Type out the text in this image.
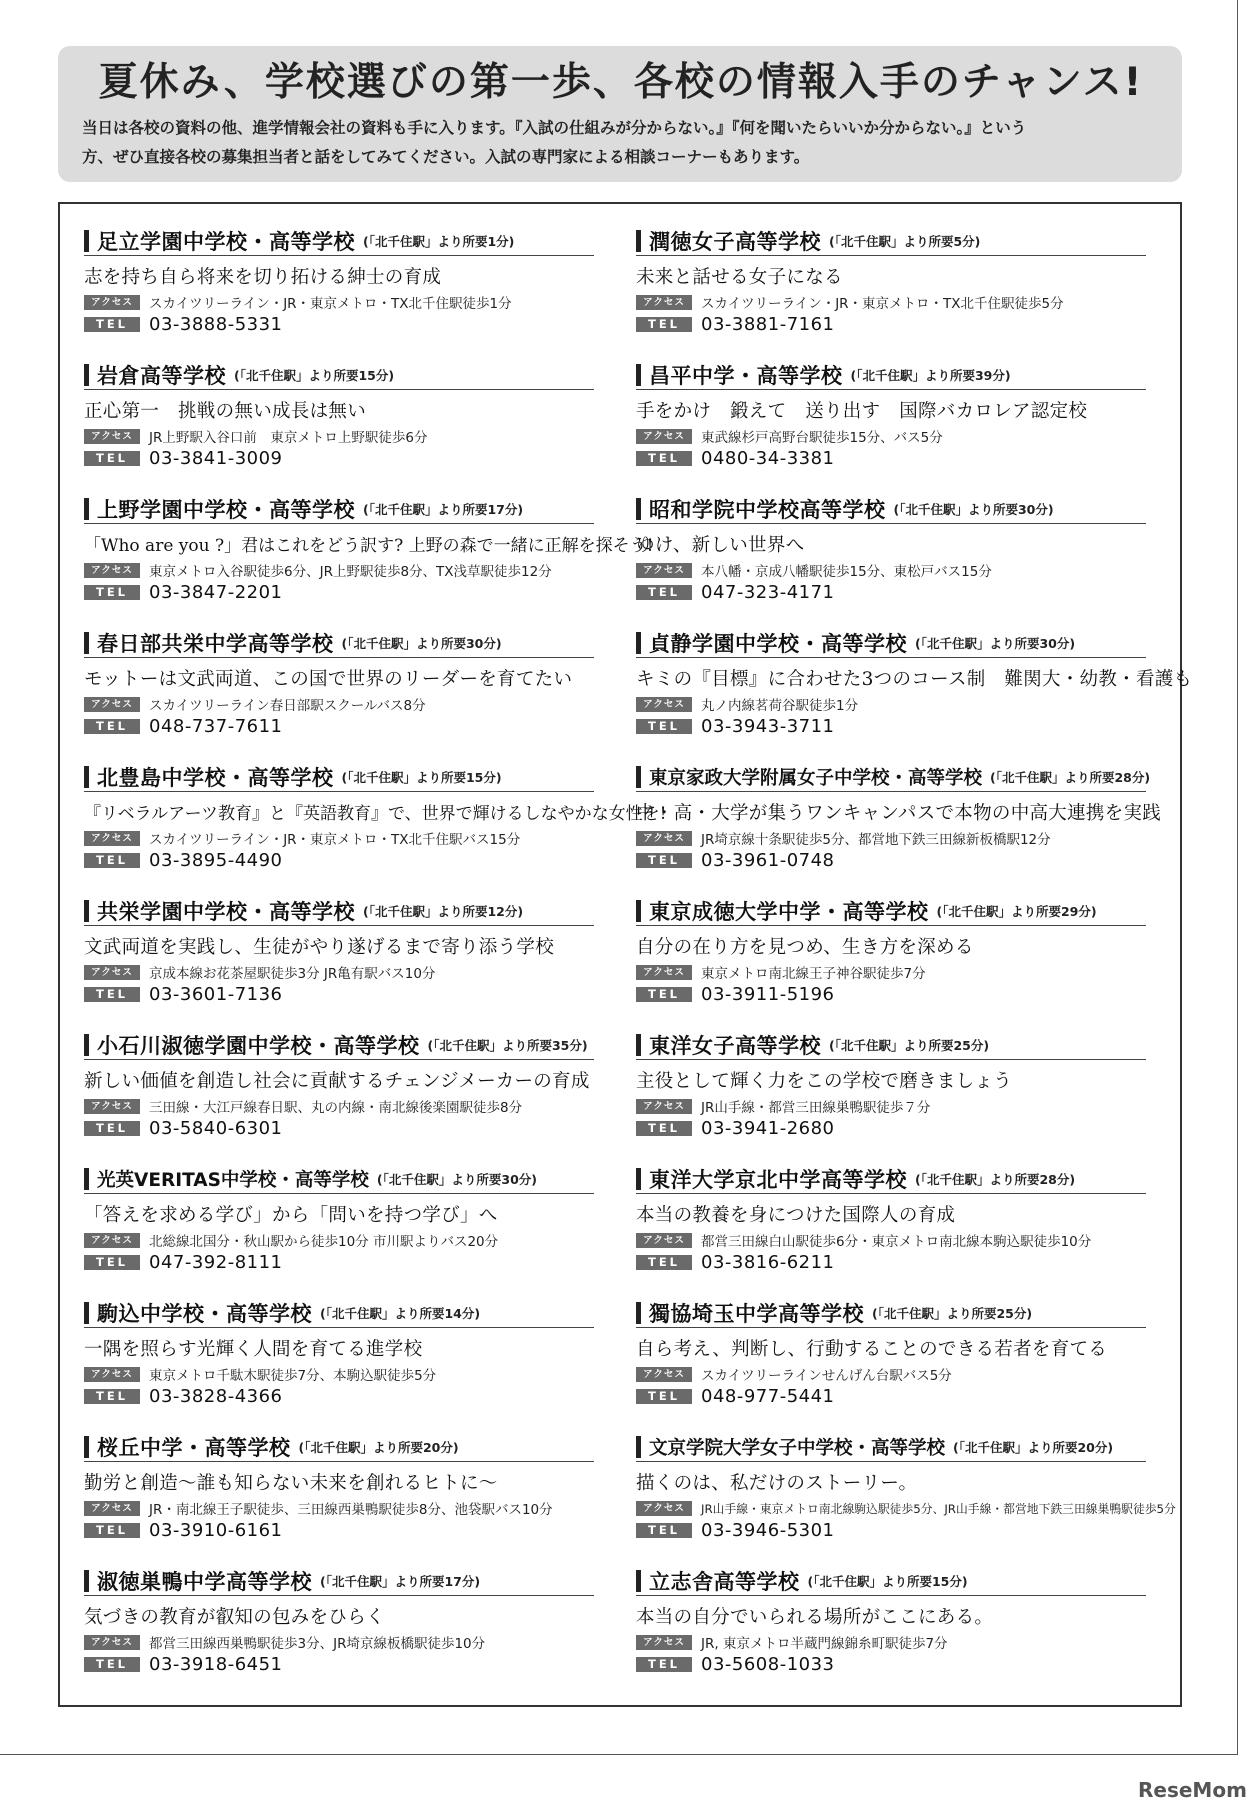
夏休み、学校選びの第一歩、各校の情報入手のチャンス!
当日は各校の資料の他、進学情報会社の資料も手に入ります。『入試の仕組みが分からない。』『何を聞いたらいいか分からない。』という
方、ぜひ直接各校の募集担当者と話をしてみてください。入試の専門家による相談コーナーもあります。
足立学園中学校・高等学校 (「北千住駅」より所要1分)
志を持ち自ら将来を切り拓ける紳士の育成
アクセス	スカイツリーライン・JR・東京メトロ・TX北千住駅徒歩1分
TEL	03-3888-5331
岩倉高等学校 (「北千住駅」より所要15分)
正心第一　挑戦の無い成長は無い
アクセス	JR上野駅入谷口前　東京メトロ上野駅徒歩6分
TEL	03-3841-3009
上野学園中学校・高等学校 (「北千住駅」より所要17分)
「Who are you ?」君はこれをどう訳す? 上野の森で一緒に正解を探そう!
アクセス	東京メトロ入谷駅徒歩6分、JR上野駅徒歩8分、TX浅草駅徒歩12分
TEL	03-3847-2201
春日部共栄中学高等学校 (「北千住駅」より所要30分)
モットーは文武両道、この国で世界のリーダーを育てたい
アクセス	スカイツリーライン春日部駅スクールバス8分
TEL	048-737-7611
北豊島中学校・高等学校 (「北千住駅」より所要15分)
『リベラルアーツ教育』と『英語教育』で、世界で輝けるしなやかな女性を!
アクセス	スカイツリーライン・JR・東京メトロ・TX北千住駅バス15分
TEL	03-3895-4490
共栄学園中学校・高等学校 (「北千住駅」より所要12分)
文武両道を実践し、生徒がやり遂げるまで寄り添う学校
アクセス	京成本線お花茶屋駅徒歩3分 JR亀有駅バス10分
TEL	03-3601-7136
小石川淑徳学園中学校・高等学校 (「北千住駅」より所要35分)
新しい価値を創造し社会に貢献するチェンジメーカーの育成
アクセス	三田線・大江戸線春日駅、丸の内線・南北線後楽園駅徒歩8分
TEL	03-5840-6301
光英VERITAS中学校・高等学校 (「北千住駅」より所要30分)
「答えを求める学び」から「問いを持つ学び」へ
アクセス	北総線北国分・秋山駅から徒歩10分 市川駅よりバス20分
TEL	047-392-8111
駒込中学校・高等学校 (「北千住駅」より所要14分)
一隅を照らす光輝く人間を育てる進学校
アクセス	東京メトロ千駄木駅徒歩7分、本駒込駅徒歩5分
TEL	03-3828-4366
桜丘中学・高等学校 (「北千住駅」より所要20分)
勤労と創造〜誰も知らない未来を創れるヒトに〜
アクセス	JR・南北線王子駅徒歩、三田線西巣鴨駅徒歩8分、池袋駅バス10分
TEL	03-3910-6161
淑徳巣鴨中学高等学校 (「北千住駅」より所要17分)
気づきの教育が叡知の包みをひらく
アクセス	都営三田線西巣鴨駅徒歩3分、JR埼京線板橋駅徒歩10分
TEL	03-3918-6451
潤徳女子高等学校 (「北千住駅」より所要5分)
未来と話せる女子になる
アクセス	スカイツリーライン・JR・東京メトロ・TX北千住駅徒歩5分
TEL	03-3881-7161
昌平中学・高等学校 (「北千住駅」より所要39分)
手をかけ　鍛えて　送り出す　国際バカロレア認定校
アクセス	東武線杉戸高野台駅徒歩15分、バス5分
TEL	0480-34-3381
昭和学院中学校高等学校 (「北千住駅」より所要30分)
ゆけ、新しい世界へ
アクセス	本八幡・京成八幡駅徒歩15分、東松戸バス15分
TEL	047-323-4171
貞静学園中学校・高等学校 (「北千住駅」より所要30分)
キミの『目標』に合わせた3つのコース制　難関大・幼教・看護も
アクセス	丸ノ内線茗荷谷駅徒歩1分
TEL	03-3943-3711
東京家政大学附属女子中学校・高等学校 (「北千住駅」より所要28分)
中・高・大学が集うワンキャンパスで本物の中高大連携を実践
アクセス	JR埼京線十条駅徒歩5分、都営地下鉄三田線新板橋駅12分
TEL	03-3961-0748
東京成徳大学中学・高等学校 (「北千住駅」より所要29分)
自分の在り方を見つめ、生き方を深める
アクセス	東京メトロ南北線王子神谷駅徒歩7分
TEL	03-3911-5196
東洋女子高等学校 (「北千住駅」より所要25分)
主役として輝く力をこの学校で磨きましょう
アクセス	JR山手線・都営三田線巣鴨駅徒歩７分
TEL	03-3941-2680
東洋大学京北中学高等学校 (「北千住駅」より所要28分)
本当の教養を身につけた国際人の育成
アクセス	都営三田線白山駅徒歩6分・東京メトロ南北線本駒込駅徒歩10分
TEL	03-3816-6211
獨協埼玉中学高等学校 (「北千住駅」より所要25分)
自ら考え、判断し、行動することのできる若者を育てる
アクセス	スカイツリーラインせんげん台駅バス5分
TEL	048-977-5441
文京学院大学女子中学校・高等学校 (「北千住駅」より所要20分)
描くのは、私だけのストーリー。
アクセス	JR山手線・東京メトロ南北線駒込駅徒歩5分、JR山手線・都営地下鉄三田線巣鴨駅徒歩5分
TEL	03-3946-5301
立志舎高等学校 (「北千住駅」より所要15分)
本当の自分でいられる場所がここにある。
アクセス	JR, 東京メトロ半蔵門線錦糸町駅徒歩7分
TEL	03-5608-1033
ReseMom
